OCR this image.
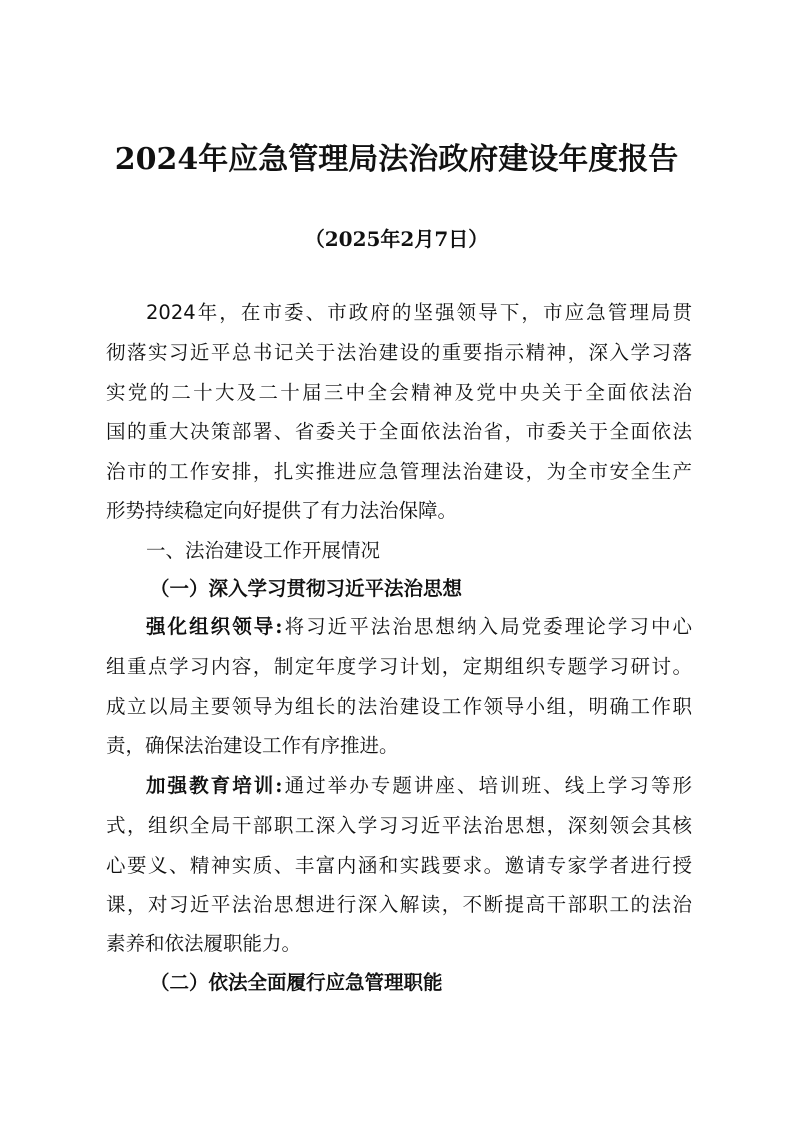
2024年应急管理局法治政府建设年度报告
（2025年2月7日）
2024年，在市委、市政府的坚强领导下，市应急管理局贯
彻落实习近平总书记关于法治建设的重要指示精神，深入学习落
实党的二十大及二十届三中全会精神及党中央关于全面依法治
国的重大决策部署、省委关于全面依法治省，市委关于全面依法
治市的工作安排，扎实推进应急管理法治建设，为全市安全生产
形势持续稳定向好提供了有力法治保障。
一、法治建设工作开展情况
（一）深入学习贯彻习近平法治思想
强化组织领导:将习近平法治思想纳入局党委理论学习中心
组重点学习内容，制定年度学习计划，定期组织专题学习研讨。
成立以局主要领导为组长的法治建设工作领导小组，明确工作职
责，确保法治建设工作有序推进。
加强教育培训:通过举办专题讲座、培训班、线上学习等形
式，组织全局干部职工深入学习习近平法治思想，深刻领会其核
心要义、精神实质、丰富内涵和实践要求。邀请专家学者进行授
课，对习近平法治思想进行深入解读，不断提高干部职工的法治
素养和依法履职能力。
（二）依法全面履行应急管理职能
